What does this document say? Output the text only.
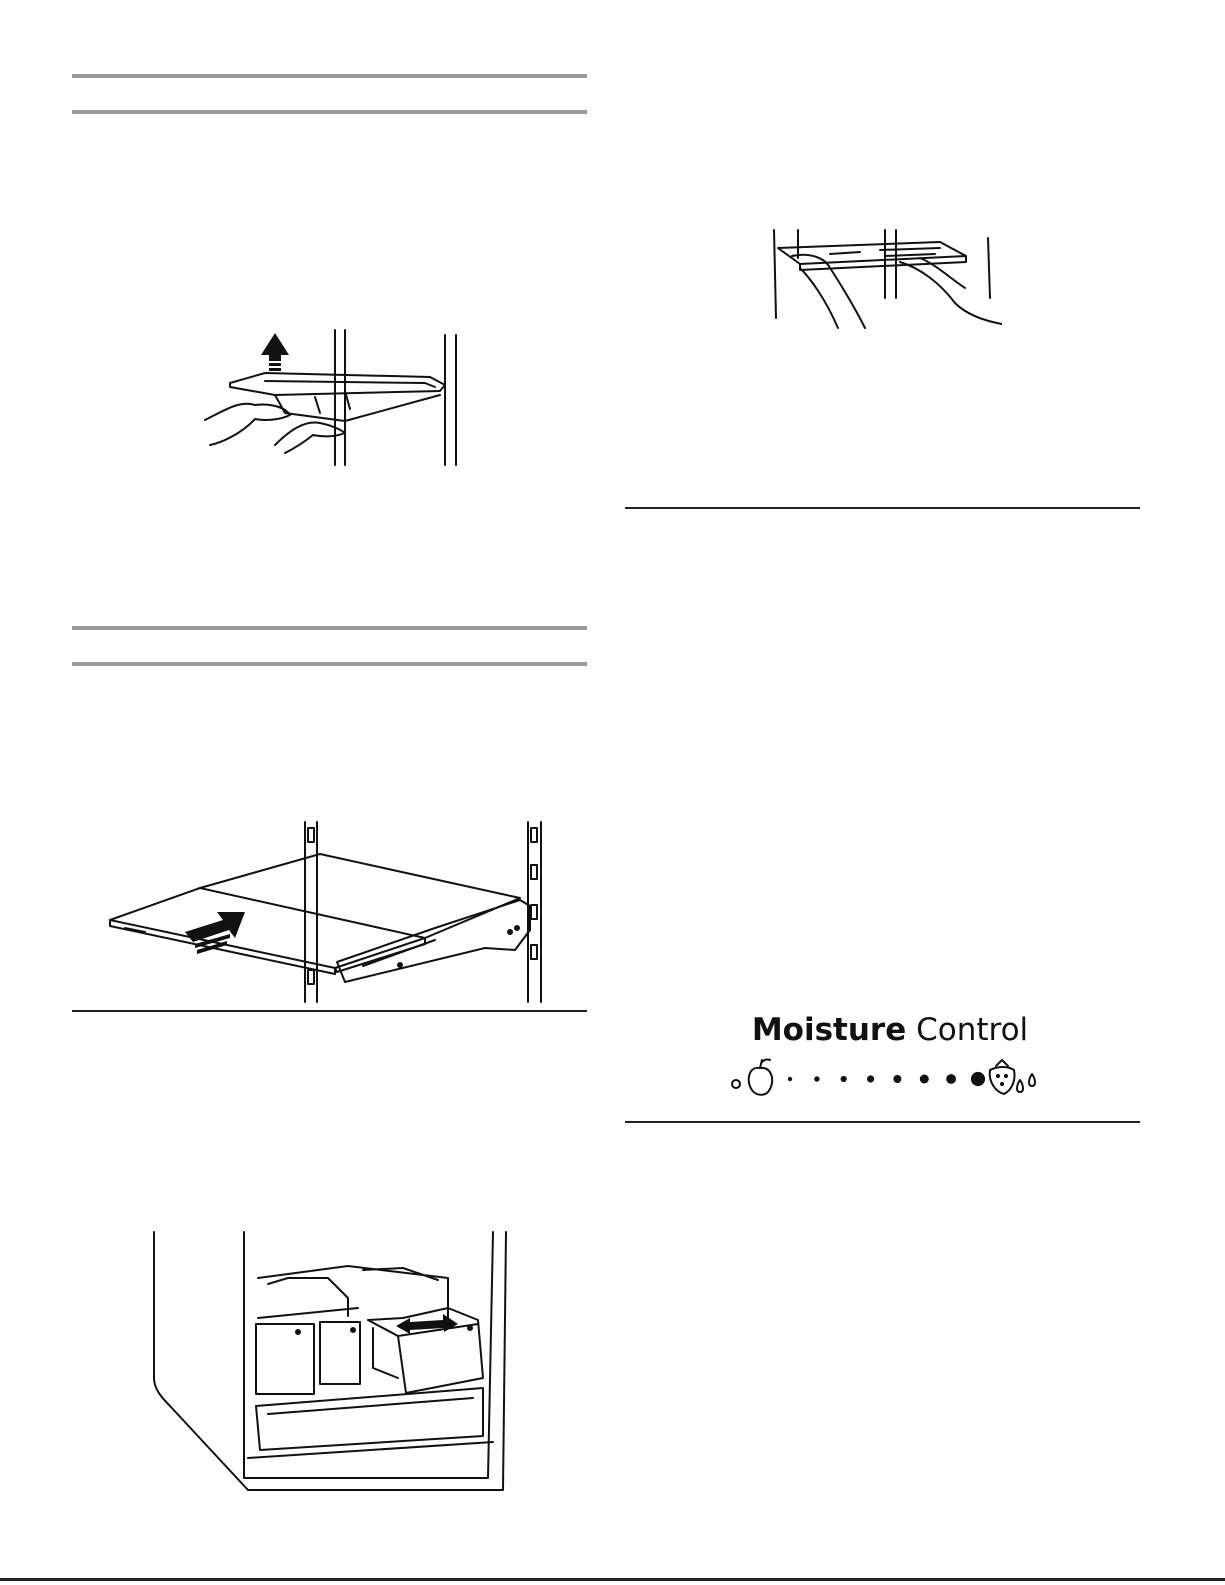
Moisture Control
